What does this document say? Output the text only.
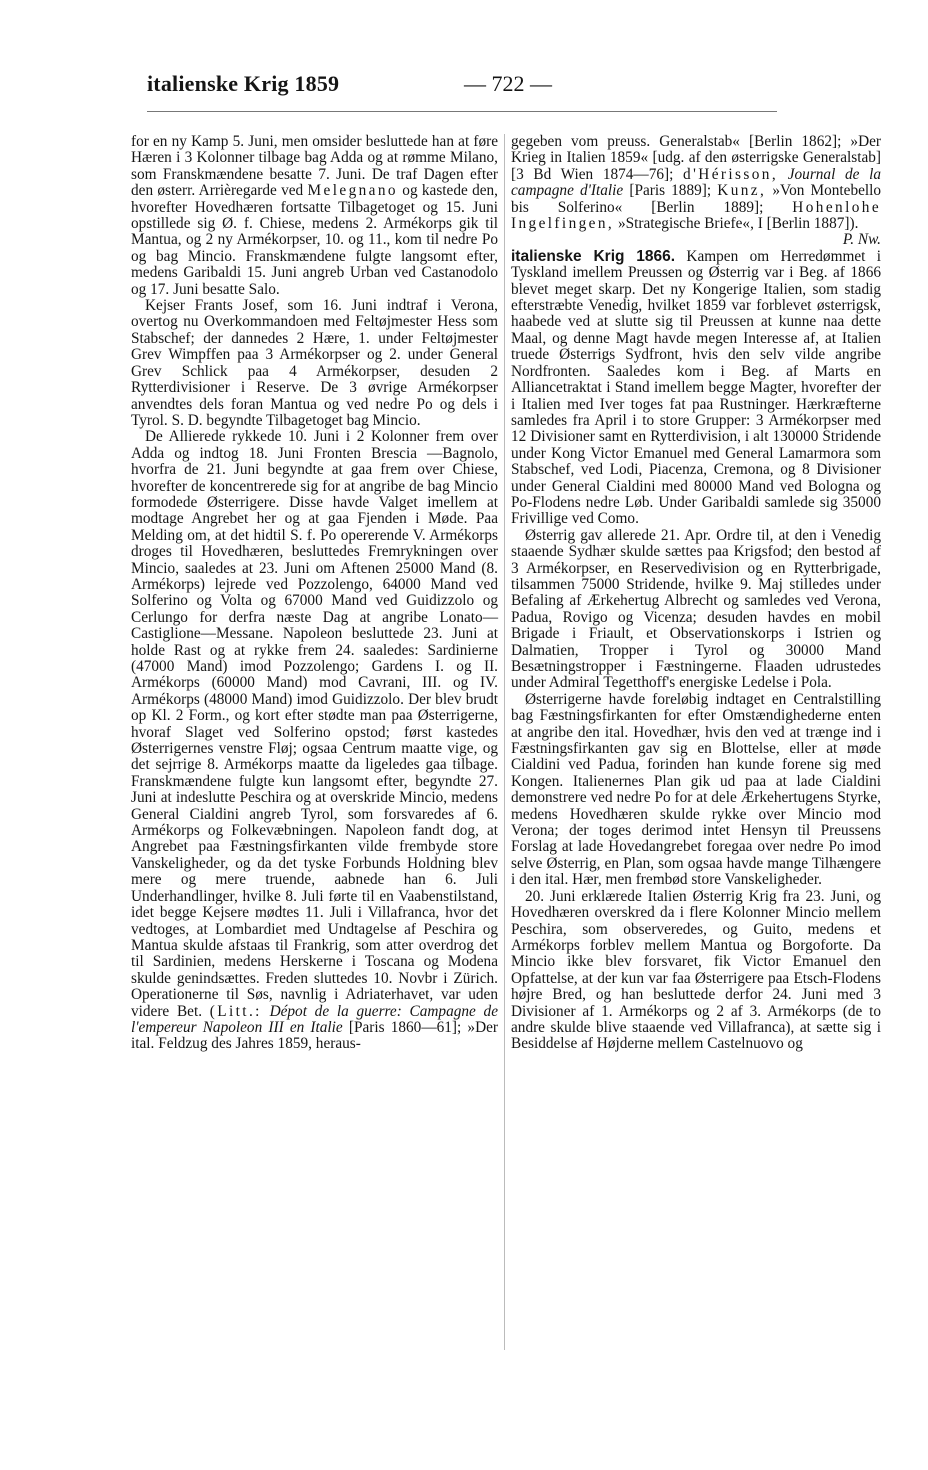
italienske Krig 1859	— 722 —

for en ny Kamp 5. Juni, men omsider besluttede han at føre Hæren i 3 Kolonner tilbage bag Adda og at rømme Milano, som Franskmændene besatte 7. Juni. De traf Dagen efter den østerr. Arrièregarde ved Melegnano og kastede den, hvorefter Hovedhæren fortsatte Tilbagetoget og 15. Juni opstillede sig Ø. f. Chiese, medens 2. Armékorps gik til Mantua, og 2 ny Armékorpser, 10. og 11., kom til nedre Po og bag Mincio. Franskmændene fulgte langsomt efter, medens Garibaldi 15. Juni angreb Urban ved Castanodolo og 17. Juni besatte Salo.

Kejser Frants Josef, som 16. Juni indtraf i Verona, overtog nu Overkommandoen med Feltøjmester Hess som Stabschef; der dannedes 2 Hære, 1. under Feltøjmester Grev Wimpffen paa 3 Armékorpser og 2. under General Grev Schlick paa 4 Armékorpser, desuden 2 Rytterdivisioner i Reserve. De 3 øvrige Armékorpser anvendtes dels foran Mantua og ved nedre Po og dels i Tyrol. S. D. begyndte Tilbagetoget bag Mincio.

De Allierede rykkede 10. Juni i 2 Kolonner frem over Adda og indtog 18. Juni Fronten Brescia —Bagnolo, hvorfra de 21. Juni begyndte at gaa frem over Chiese, hvorefter de koncentrerede sig for at angribe de bag Mincio formodede Østerrigere. Disse havde Valget imellem at modtage Angrebet her og at gaa Fjenden i Møde. Paa Melding om, at det hidtil S. f. Po opererende V. Armékorps droges til Hovedhæren, besluttedes Fremrykningen over Mincio, saaledes at 23. Juni om Aftenen 25000 Mand (8. Armékorps) lejrede ved Pozzolengo, 64000 Mand ved Solferino og Volta og 67000 Mand ved Guidizzolo og Cerlungo for derfra næste Dag at angribe Lonato—Castiglione—Messane. Napoleon besluttede 23. Juni at holde Rast og at rykke frem 24. saaledes: Sardinierne (47000 Mand) imod Pozzolengo; Gardens I. og II. Armékorps (60000 Mand) mod Cavrani, III. og IV. Armékorps (48000 Mand) imod Guidizzolo. Der blev brudt op Kl. 2 Form., og kort efter stødte man paa Østerrigerne, hvoraf Slaget ved Solferino opstod; først kastedes Østerrigernes venstre Fløj; ogsaa Centrum maatte vige, og det sejrrige 8. Armékorps maatte da ligeledes gaa tilbage. Franskmændene fulgte kun langsomt efter, begyndte 27. Juni at indeslutte Peschira og at overskride Mincio, medens General Cialdini angreb Tyrol, som forsvaredes af 6. Armékorps og Folkevæbningen. Napoleon fandt dog, at Angrebet paa Fæstningsfirkanten vilde frembyde store Vanskeligheder, og da det tyske Forbunds Holdning blev mere og mere truende, aabnede han 6. Juli Underhandlinger, hvilke 8. Juli førte til en Vaabenstilstand, idet begge Kejsere mødtes 11. Juli i Villafranca, hvor det vedtoges, at Lombardiet med Undtagelse af Peschira og Mantua skulde afstaas til Frankrig, som atter overdrog det til Sardinien, medens Herskerne i Toscana og Modena skulde genindsættes. Freden sluttedes 10. Novbr i Zürich. Operationerne til Søs, navnlig i Adriaterhavet, var uden videre Bet. (Litt.: Dépot de la guerre: Campagne de l'empereur Napoleon III en Italie [Paris 1860—61]; »Der ital. Feldzug des Jahres 1859, heraus-

gegeben vom preuss. Generalstab« [Berlin 1862]; »Der Krieg in Italien 1859« [udg. af den østerrigske Generalstab] [3 Bd Wien 1874—76]; d'Hérisson, Journal de la campagne d'Italie [Paris 1889]; Kunz, »Von Montebello bis Solferino« [Berlin 1889]; Hohenlohe Ingelfingen, »Strategische Briefe«, I [Berlin 1887]).
P. Nw.

italienske Krig 1866. Kampen om Herredømmet i Tyskland imellem Preussen og Østerrig var i Beg. af 1866 blevet meget skarp. Det ny Kongerige Italien, som stadig efterstræbte Venedig, hvilket 1859 var forblevet østerrigsk, haabede ved at slutte sig til Preussen at kunne naa dette Maal, og denne Magt havde megen Interesse af, at Italien truede Østerrigs Sydfront, hvis den selv vilde angribe Nordfronten. Saaledes kom i Beg. af Marts en Alliancetraktat i Stand imellem begge Magter, hvorefter der i Italien med Iver toges fat paa Rustninger. Hærkræfterne samledes fra April i to store Grupper: 3 Armékorpser med 12 Divisioner samt en Rytterdivision, i alt 130000 Stridende under Kong Victor Emanuel med General Lamarmora som Stabschef, ved Lodi, Piacenza, Cremona, og 8 Divisioner under General Cialdini med 80000 Mand ved Bologna og Po-Flodens nedre Løb. Under Garibaldi samlede sig 35000 Frivillige ved Como.

Østerrig gav allerede 21. Apr. Ordre til, at den i Venedig staaende Sydhær skulde sættes paa Krigsfod; den bestod af 3 Armékorpser, en Reservedivision og en Rytterbrigade, tilsammen 75000 Stridende, hvilke 9. Maj stilledes under Befaling af Ærkehertug Albrecht og samledes ved Verona, Padua, Rovigo og Vicenza; desuden havdes en mobil Brigade i Friault, et Observationskorps i Istrien og Dalmatien, Tropper i Tyrol og 30000 Mand Besætningstropper i Fæstningerne. Flaaden udrustedes under Admiral Tegetthoff's energiske Ledelse i Pola.

Østerrigerne havde foreløbig indtaget en Centralstilling bag Fæstningsfirkanten for efter Omstændighederne enten at angribe den ital. Hovedhær, hvis den ved at trænge ind i Fæstningsfirkanten gav sig en Blottelse, eller at møde Cialdini ved Padua, forinden han kunde forene sig med Kongen. Italienernes Plan gik ud paa at lade Cialdini demonstrere ved nedre Po for at dele Ærkehertugens Styrke, medens Hovedhæren skulde rykke over Mincio mod Verona; der toges derimod intet Hensyn til Preussens Forslag at lade Hovedangrebet foregaa over nedre Po imod selve Østerrig, en Plan, som ogsaa havde mange Tilhængere i den ital. Hær, men frembød store Vanskeligheder.

20. Juni erklærede Italien Østerrig Krig fra 23. Juni, og Hovedhæren overskred da i flere Kolonner Mincio mellem Peschira, som observeredes, og Guito, medens et Armékorps forblev mellem Mantua og Borgoforte. Da Mincio ikke blev forsvaret, fik Victor Emanuel den Opfattelse, at der kun var faa Østerrigere paa Etsch-Flodens højre Bred, og han besluttede derfor 24. Juni med 3 Divisioner af 1. Armékorps og 2 af 3. Armékorps (de to andre skulde blive staaende ved Villafranca), at sætte sig i Besiddelse af Højderne mellem Castelnuovo og
